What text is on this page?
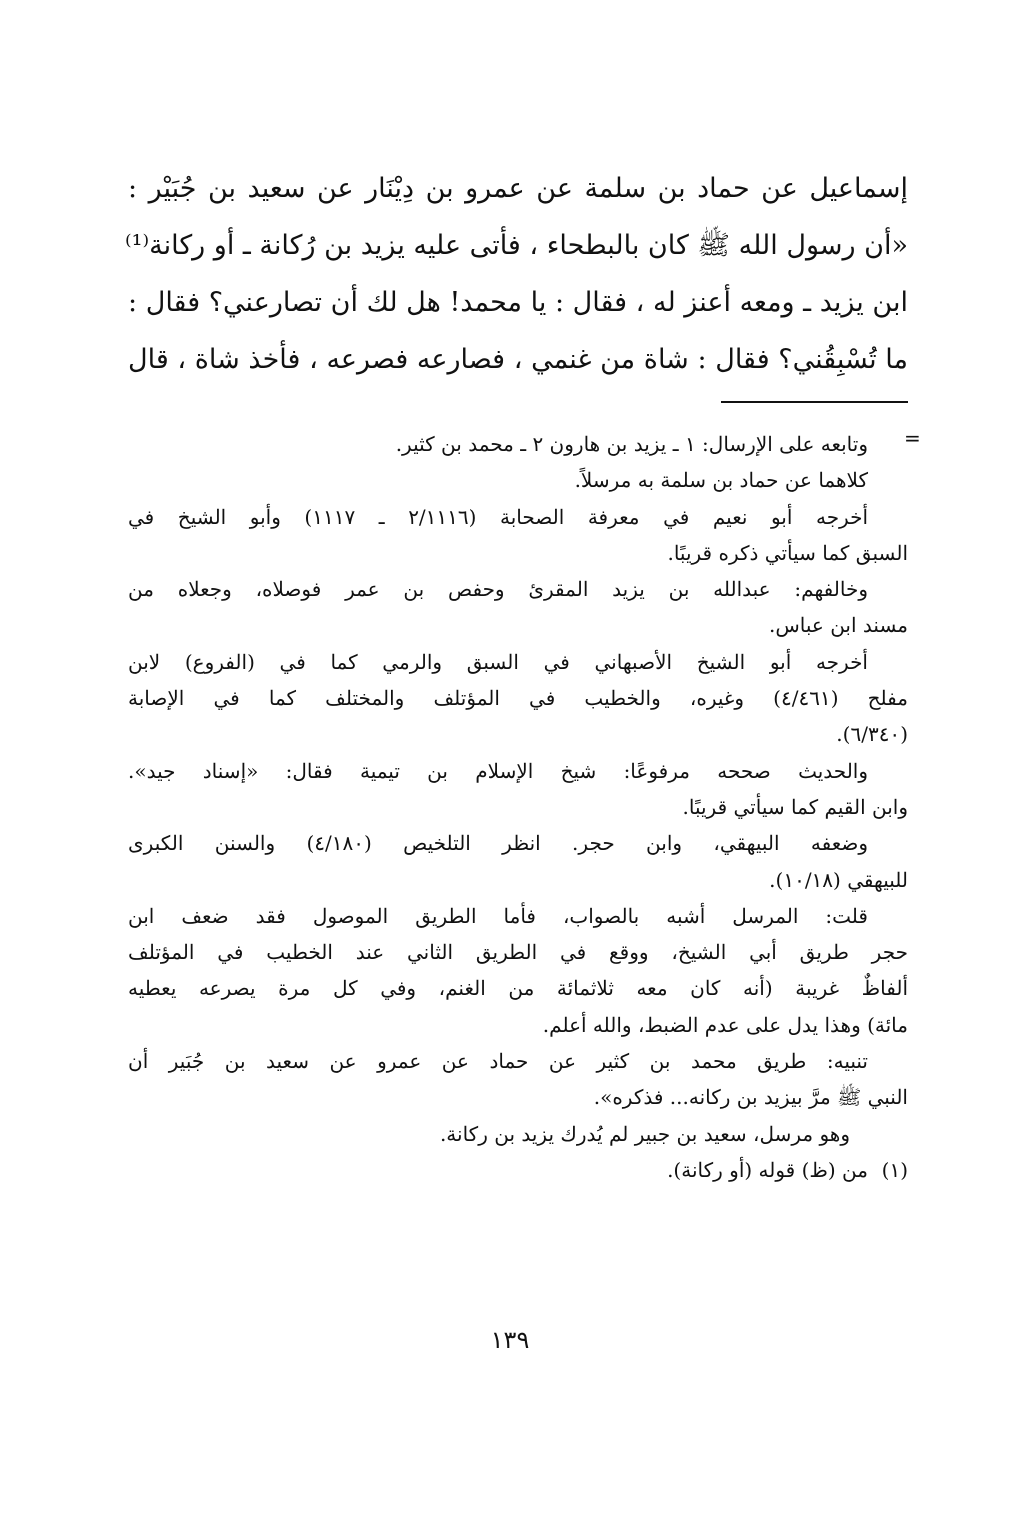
إسماعيل عن حماد بن سلمة عن عمرو بن دِيْنَار عن سعيد بن جُبَيْر :
«أن رسول الله ﷺ كان بالبطحاء ، فأتى عليه يزيد بن رُكانة ـ أو ركانة⁽¹⁾
ابن يزيد ـ ومعه أعنز له ، فقال : يا محمد! هل لك أن تصارعني؟ فقال :
ما تُسْبِقُني؟ فقال : شاة من غنمي ، فصارعه فصرعه ، فأخذ شاة ، قال
=
وتابعه على الإرسال: ١ ـ يزيد بن هارون ٢ ـ محمد بن كثير.
كلاهما عن حماد بن سلمة به مرسلاً.
أخرجه أبو نعيم في معرفة الصحابة (٢/١١١٦ ـ ١١١٧) وأبو الشيخ في
السبق كما سيأتي ذكره قريبًا.
وخالفهم: عبدالله بن يزيد المقرئ وحفص بن عمر فوصلاه، وجعلاه من
مسند ابن عباس.
أخرجه أبو الشيخ الأصبهاني في السبق والرمي كما في (الفروع) لابن
مفلح (٤/٤٦١) وغيره، والخطيب في المؤتلف والمختلف كما في الإصابة
(٦/٣٤٠).
والحديث صححه مرفوعًا: شيخ الإسلام بن تيمية فقال: «إسناد جيد».
وابن القيم كما سيأتي قريبًا.
وضعفه البيهقي، وابن حجر. انظر التلخيص (٤/١٨٠) والسنن الكبرى
للبيهقي (١٠/١٨).
قلت: المرسل أشبه بالصواب، فأما الطريق الموصول فقد ضعف ابن
حجر طريق أبي الشيخ، ووقع في الطريق الثاني عند الخطيب في المؤتلف
ألفاظٌ غريبة (أنه كان معه ثلاثمائة من الغنم، وفي كل مرة يصرعه يعطيه
مائة) وهذا يدل على عدم الضبط، والله أعلم.
تنبيه: طريق محمد بن كثير عن حماد عن عمرو عن سعيد بن جُبَير أن
النبي ﷺ مرَّ بيزيد بن ركانه... فذكره».
وهو مرسل، سعيد بن جبير لم يُدرك يزيد بن ركانة.
(١)من (ظ) قوله (أو ركانة).
١٣٩
